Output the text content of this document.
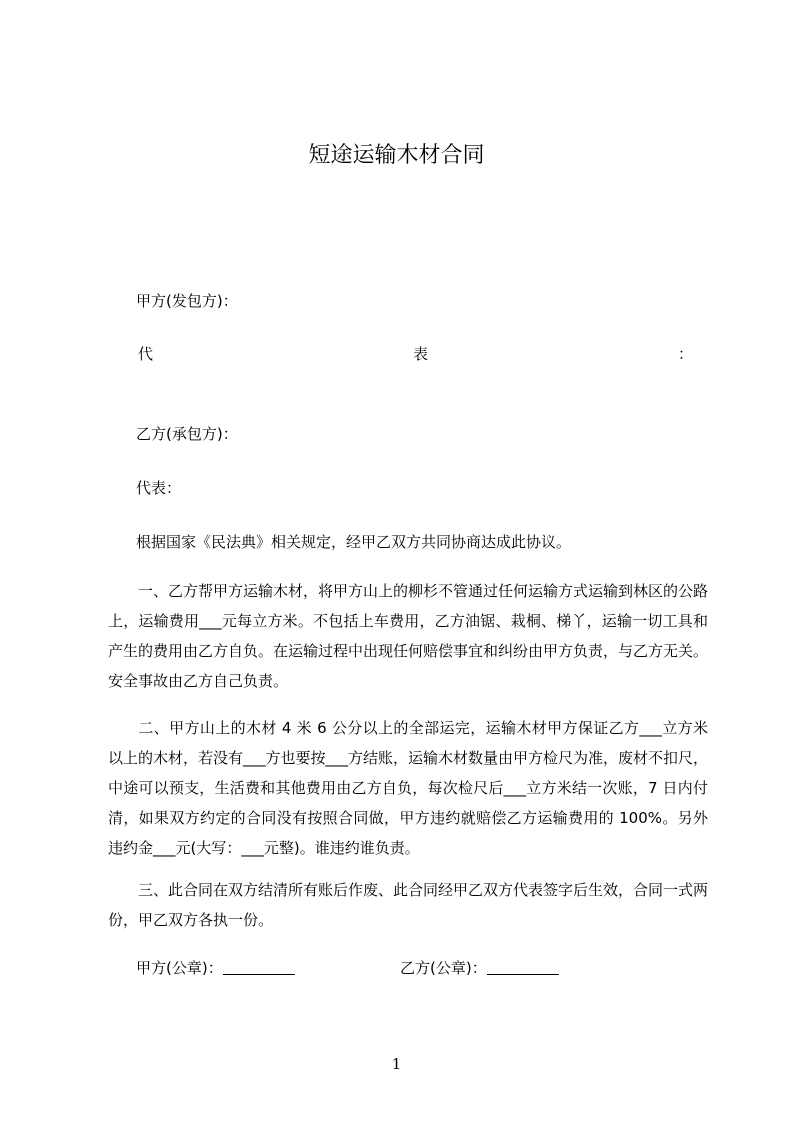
短途运输木材合同
甲方(发包方)：
代	表	：
乙方(承包方)：
代表：
根据国家《民法典》相关规定，经甲乙双方共同协商达成此协议。
一、乙方帮甲方运输木材，将甲方山上的柳杉不管通过任何运输方式运输到林区的公路上，运输费用___元每立方米。不包括上车费用，乙方油锯、栽桐、梯丫，运输一切工具和产生的费用由乙方自负。在运输过程中出现任何赔偿事宜和纠纷由甲方负责，与乙方无关。安全事故由乙方自己负责。
二、甲方山上的木材 4 米 6 公分以上的全部运完，运输木材甲方保证乙方___立方米以上的木材，若没有___方也要按___方结账，运输木材数量由甲方检尺为准，废材不扣尺，中途可以预支，生活费和其他费用由乙方自负，每次检尺后___立方米结一次账，7 日内付清，如果双方约定的合同没有按照合同做，甲方违约就赔偿乙方运输费用的 100%。另外违约金___元(大写：___元整)。谁违约谁负责。
三、此合同在双方结清所有账后作废、此合同经甲乙双方代表签字后生效，合同一式两份，甲乙双方各执一份。
甲方(公章)：	乙方(公章)：
1
